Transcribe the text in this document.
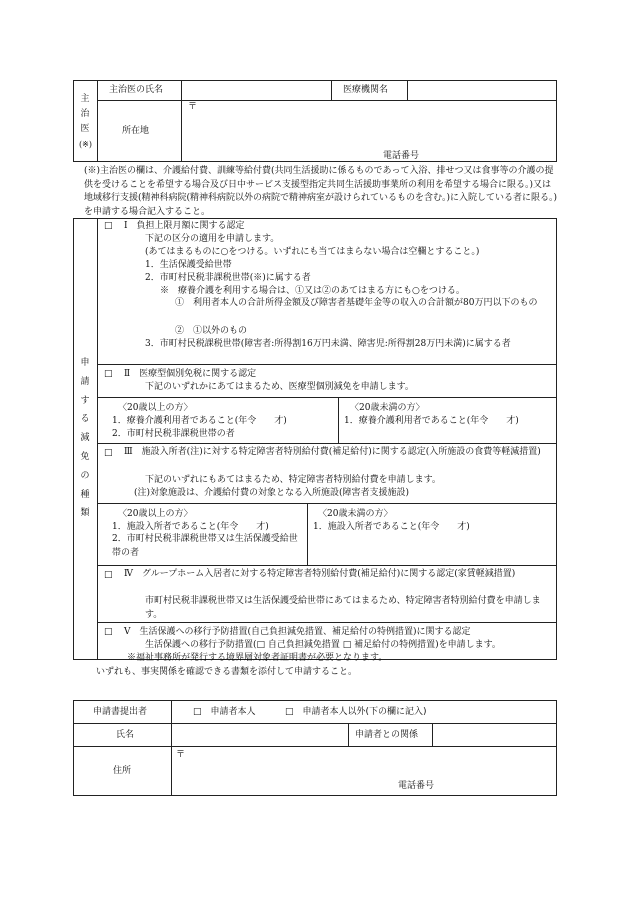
主
治
医
(※)
主治医の氏名	医療機関名
所在地
〒
電話番号
(※)主治医の欄は、介護給付費、訓練等給付費(共同生活援助に係るものであって入浴、排せつ又は食事等の介護の提供を受けることを希望する場合及び日中サービス支援型指定共同生活援助事業所の利用を希望する場合に限る。)又は地域移行支援(精神科病院(精神科病院以外の病院で精神病室が設けられているものを含む。)に入院している者に限る。)を申請する場合記入すること。
申
請
す
る
減
免
の
種
類
□ Ⅰ　負担上限月額に関する認定
下記の区分の適用を申請します。
(あてはまるものに○をつける。いずれにも当てはまらない場合は空欄とすること。)
1．生活保護受給世帯
2．市町村民税非課税世帯(※)に属する者
※　療養介護を利用する場合は、①又は②のあてはまる方にも○をつける。
①　利用者本人の合計所得金額及び障害者基礎年金等の収入の合計額が80万円以下のもの
②　①以外のもの
3．市町村民税課税世帯(障害者:所得割16万円未満、障害児:所得割28万円未満)に属する者
□ Ⅱ　医療型個別免税に関する認定
下記のいずれかにあてはまるため、医療型個別減免を申請します。
〈20歳以上の方〉
1．療養介護利用者であること(年令　　才)
2．市町村民税非課税世帯の者
〈20歳未満の方〉
1．療養介護利用者であること(年令　　才)
□ Ⅲ　施設入所者(注)に対する特定障害者特別給付費(補足給付)に関する認定(入所施設の食費等軽減措置)
下記のいずれにもあてはまるため、特定障害者特別給付費を申請します。
(注)対象施設は、介護給付費の対象となる入所施設(障害者支援施設)
〈20歳以上の方〉
1．施設入所者であること(年令　　才)
2．市町村民税非課税世帯又は生活保護受給世帯の者
〈20歳未満の方〉
1．施設入所者であること(年令　　才)
□ Ⅳ　グループホーム入居者に対する特定障害者特別給付費(補足給付)に関する認定(家賃軽減措置)
市町村民税非課税世帯又は生活保護受給世帯にあてはまるため、特定障害者特別給付費を申請します。
□ Ⅴ　生活保護への移行予防措置(自己負担減免措置、補足給付の特例措置)に関する認定
生活保護への移行予防措置(□ 自己負担減免措置 □ 補足給付の特例措置)を申請します。
※福祉事務所が発行する境界層対象者証明書が必要となります。
いずれも、事実関係を確認できる書類を添付して申請すること。
申請書提出者	□　申請者本人	□　申請者本人以外(下の欄に記入)
氏名	申請者との関係
住所
〒
電話番号
